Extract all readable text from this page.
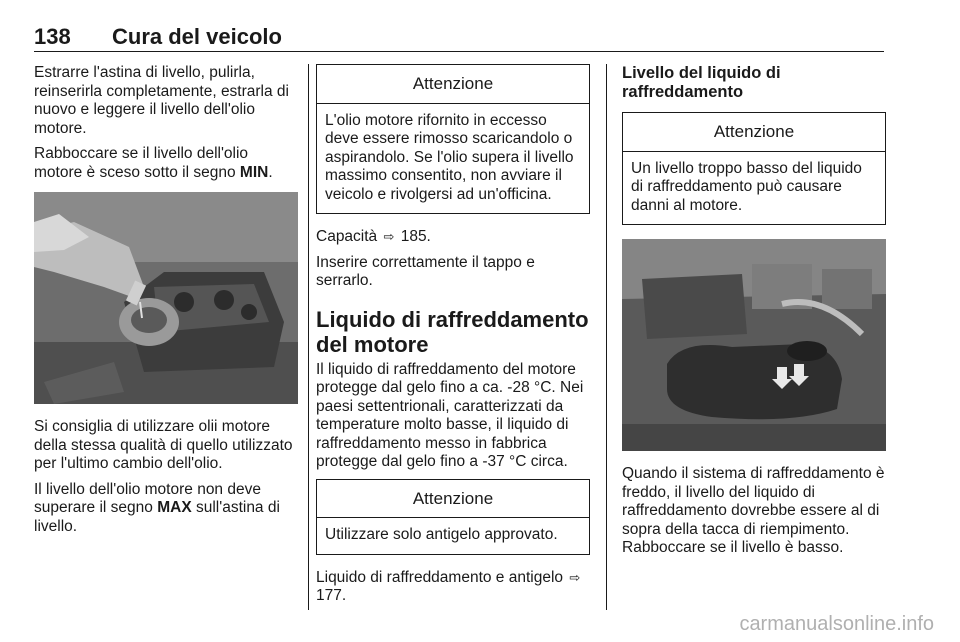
138 Cura del veicolo

Estrarre l'astina di livello, pulirla, reinserirla completamente, estrarla di nuovo e leggere il livello dell'olio motore.

Rabboccare se il livello dell'olio motore è sceso sotto il segno MIN.

Si consiglia di utilizzare olii motore della stessa qualità di quello utilizzato per l'ultimo cambio dell'olio.

Il livello dell'olio motore non deve superare il segno MAX sull'astina di livello.

Attenzione
L'olio motore rifornito in eccesso deve essere rimosso scaricandolo o aspirandolo. Se l'olio supera il livello massimo consentito, non avviare il veicolo e rivolgersi ad un'officina.

Capacità ⇨ 185.

Inserire correttamente il tappo e serrarlo.

Liquido di raffreddamento del motore

Il liquido di raffreddamento del motore protegge dal gelo fino a ca. -28 °C. Nei paesi settentrionali, caratterizzati da temperature molto basse, il liquido di raffreddamento messo in fabbrica protegge dal gelo fino a -37 °C circa.

Attenzione
Utilizzare solo antigelo approvato.

Liquido di raffreddamento e antigelo ⇨ 177.

Livello del liquido di raffreddamento
Attenzione
Un livello troppo basso del liquido di raffreddamento può causare danni al motore.

Quando il sistema di raffreddamento è freddo, il livello del liquido di raffreddamento dovrebbe essere al di sopra della tacca di riempimento. Rabboccare se il livello è basso.

carmanualsonline.info
